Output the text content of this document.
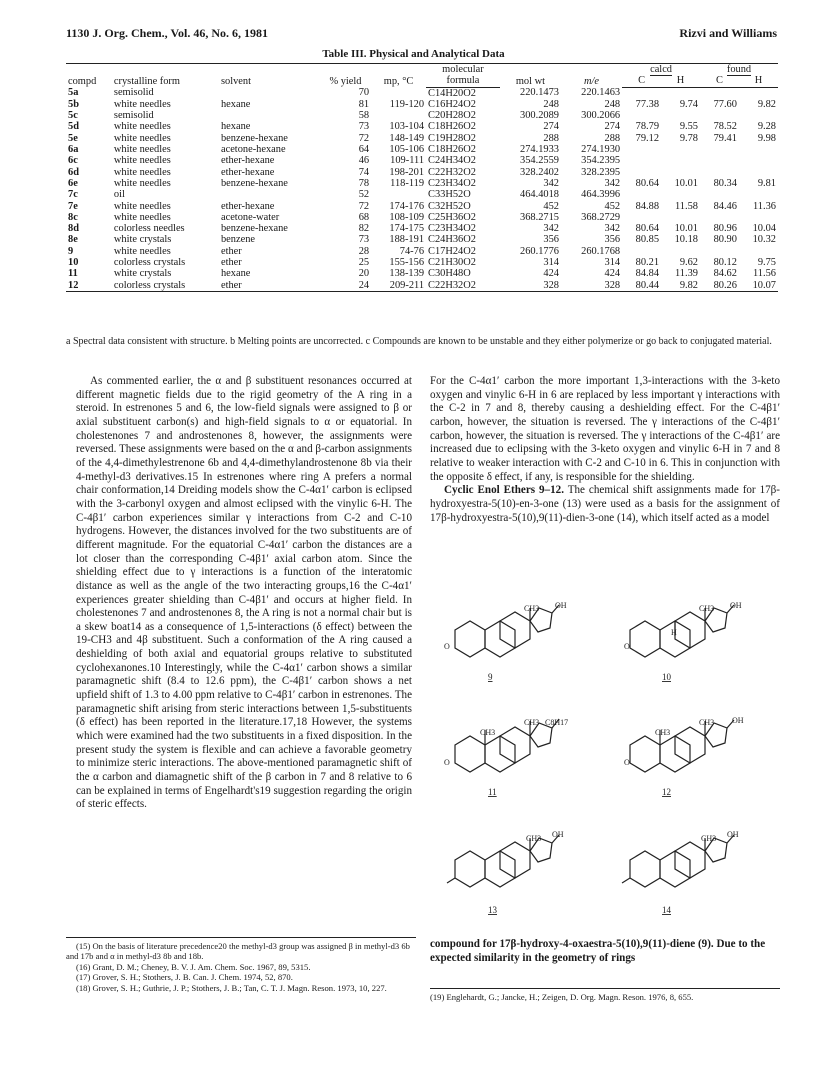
1130 J. Org. Chem., Vol. 46, No. 6, 1981	Rizvi and Williams
Table III. Physical and Analytical Data
compd	crystalline form	solvent	% yield	mp, °C	molecular	mol wt	m/e	calcd		found	
					formula			C	H	C	H
5a	semisolid		70		C14H20O2	220.1473	220.1463				
5b	white needles	hexane	81	119-120	C16H24O2	248	248	77.38	9.74	77.60	9.82
5c	semisolid		58		C20H28O2	300.2089	300.2066				
5d	white needles	hexane	73	103-104	C18H26O2	274	274	78.79	9.55	78.52	9.28
5e	white needles	benzene-hexane	72	148-149	C19H28O2	288	288	79.12	9.78	79.41	9.98
6a	white needles	acetone-hexane	64	105-106	C18H26O2	274.1933	274.1930				
6c	white needles	ether-hexane	46	109-111	C24H34O2	354.2559	354.2395				
6d	white needles	ether-hexane	74	198-201	C22H32O2	328.2402	328.2395				
6e	white needles	benzene-hexane	78	118-119	C23H34O2	342	342	80.64	10.01	80.34	9.81
7c	oil		52		C33H52O	464.4018	464.3996				
7e	white needles	ether-hexane	72	174-176	C32H52O	452	452	84.88	11.58	84.46	11.36
8c	white needles	acetone-water	68	108-109	C25H36O2	368.2715	368.2729				
8d	colorless needles	benzene-hexane	82	174-175	C23H34O2	342	342	80.64	10.01	80.96	10.04
8e	white crystals	benzene	73	188-191	C24H36O2	356	356	80.85	10.18	80.90	10.32
9	white needles	ether	28	74-76	C17H24O2	260.1776	260.1768				
10	colorless crystals	ether	25	155-156	C21H30O2	314	314	80.21	9.62	80.12	9.75
11	white crystals	hexane	20	138-139	C30H48O	424	424	84.84	11.39	84.62	11.56
12	colorless crystals	ether	24	209-211	C22H32O2	328	328	80.44	9.82	80.26	10.07
a Spectral data consistent with structure. b Melting points are uncorrected. c Compounds are known to be unstable and they either polymerize or go back to conjugated material.

As commented earlier, the α and β substituent resonances occurred at different magnetic fields due to the rigid geometry of the A ring in a steroid. In estrenones 5 and 6, the low-field signals were assigned to β or axial substituent carbon(s) and high-field signals to α or equatorial. In cholestenones 7 and androstenones 8, however, the assignments were reversed. These assignments were based on the α and β-carbon assignments of the 4,4-dimethylestrenone 6b and 4,4-dimethylandrostenone 8b via their 4-methyl-d3 derivatives.15 In estrenones where ring A prefers a normal chair conformation,14 Dreiding models show the C-4α1′ carbon is eclipsed with the 3-carbonyl oxygen and almost eclipsed with the vinylic 6-H. The C-4β1′ carbon experiences similar γ interactions from C-2 and C-10 hydrogens. However, the distances involved for the two substituents are of different magnitude. For the equatorial C-4α1′ carbon the distances are a lot closer than the corresponding C-4β1′ axial carbon atom. Since the shielding effect due to γ interactions is a function of the interatomic distance as well as the angle of the two interacting groups,16 the C-4α1′ experiences greater shielding than C-4β1′ and occurs at higher field. In cholestenones 7 and androstenones 8, the A ring is not a normal chair but is a skew boat14 as a consequence of 1,5-interactions (δ effect) between the 19-CH3 and 4β substituent. Such a conformation of the A ring caused a deshielding of both axial and equatorial groups relative to substituted cyclohexanones.10 Interestingly, while the C-4α1′ carbon shows a similar paramagnetic shift (8.4 to 12.6 ppm), the C-4β1′ carbon shows a net upfield shift of 1.3 to 4.00 ppm relative to C-4β1′ carbon in estrenones. The paramagnetic shift arising from steric interactions between 1,5-substituents (δ effect) has been reported in the literature.17,18 However, the systems which were examined had the two substituents in a fixed disposition. In the present study the system is flexible and can achieve a favorable geometry to minimize steric interactions. The above-mentioned paramagnetic shift of the α carbon and diamagnetic shift of the β carbon in 7 and 8 relative to 6 can be explained in terms of Engelhardt's19 suggestion regarding the origin of steric effects.

For the C-4α1′ carbon the more important 1,3-interactions with the 3-keto oxygen and vinylic 6-H in 6 are replaced by less important γ interactions with the C-2 in 7 and 8, thereby causing a deshielding effect. For the C-4β1′ carbon, however, the situation is reversed. The γ interactions of the C-4β1′ carbon, however, the situation is reversed. The γ interactions of the C-4β1′ are increased due to eclipsing with the 3-keto oxygen and vinylic 6-H in 7 and 8 relative to weaker interaction with C-2 and C-10 in 6. This in conjunction with the opposite δ effect, if any, is responsible for the shielding.

Cyclic Enol Ethers 9–12. The chemical shift assignments made for 17β-hydroxyestra-5(10)-en-3-one (13) were used as a basis for the assignment of 17β-hydroxyestra-5(10),9(11)-dien-3-one (14), which itself acted as a model

CH3 OH
O
CH3 OH
H
O
CH3
CH3 C8H17
O
CH3
CH3 OH
O
CH3 OH	CH3 OH
9	10
11	12
13	14
compound for 17β-hydroxy-4-oxaestra-5(10),9(11)-diene (9). Due to the expected similarity in the geometry of rings
(15) On the basis of literature precedence20 the methyl-d3 group was assigned β in methyl-d3 6b and 17b and α in methyl-d3 8b and 18b.
(16) Grant, D. M.; Cheney, B. V. J. Am. Chem. Soc. 1967, 89, 5315.
(17) Grover, S. H.; Stothers, J. B. Can. J. Chem. 1974, 52, 870.
(18) Grover, S. H.; Guthrie, J. P.; Stothers, J. B.; Tan, C. T. J. Magn. Reson. 1973, 10, 227.
(19) Englehardt, G.; Jancke, H.; Zeigen, D. Org. Magn. Reson. 1976, 8, 655.
